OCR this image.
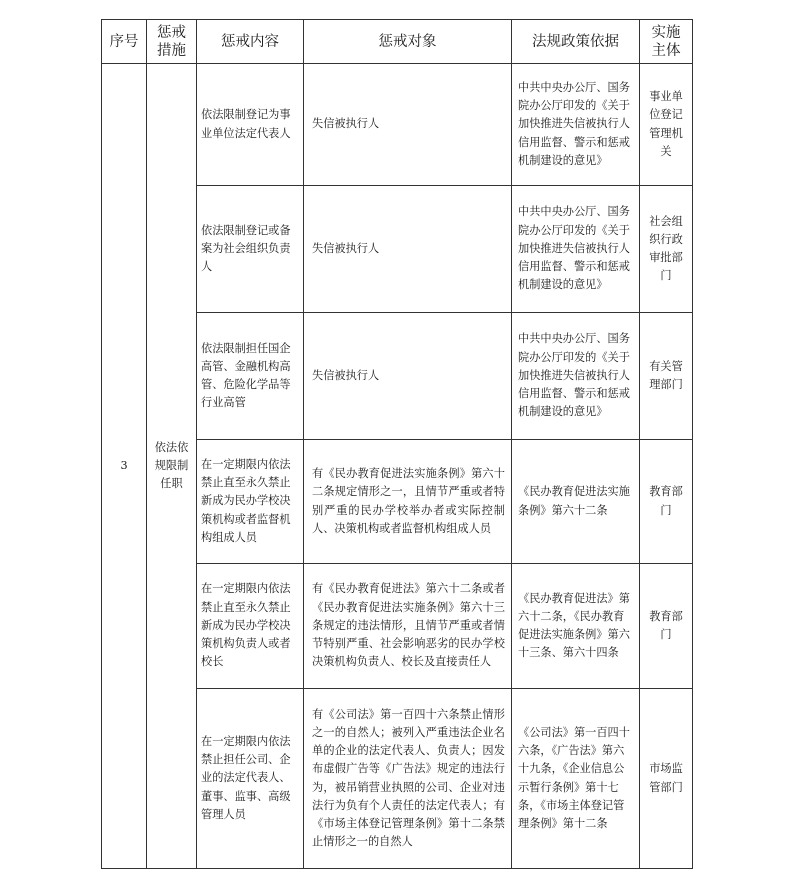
序号	惩戒措施	惩戒内容	惩戒对象	法规政策依据	实施主体
3	依法依规限制任职	依法限制登记为事业单位法定代表人	失信被执行人	中共中央办公厅、国务院办公厅印发的《关于加快推进失信被执行人信用监督、警示和惩戒机制建设的意见》	事业单位登记管理机关
		依法限制登记或备案为社会组织负责人	失信被执行人	中共中央办公厅、国务院办公厅印发的《关于加快推进失信被执行人信用监督、警示和惩戒机制建设的意见》	社会组织行政审批部门
		依法限制担任国企高管、金融机构高管、危险化学品等行业高管	失信被执行人	中共中央办公厅、国务院办公厅印发的《关于加快推进失信被执行人信用监督、警示和惩戒机制建设的意见》	有关管理部门
		在一定期限内依法禁止直至永久禁止新成为民办学校决策机构或者监督机构组成人员	有《民办教育促进法实施条例》第六十二条规定情形之一，且情节严重或者特别严重的民办学校举办者或实际控制人、决策机构或者监督机构组成人员	《民办教育促进法实施条例》第六十二条	教育部门
		在一定期限内依法禁止直至永久禁止新成为民办学校决策机构负责人或者校长	有《民办教育促进法》第六十二条或者《民办教育促进法实施条例》第六十三条规定的违法情形，且情节严重或者情节特别严重、社会影响恶劣的民办学校决策机构负责人、校长及直接责任人	《民办教育促进法》第六十二条，《民办教育促进法实施条例》第六十三条、第六十四条	教育部门
		在一定期限内依法禁止担任公司、企业的法定代表人、董事、监事、高级管理人员	有《公司法》第一百四十六条禁止情形之一的自然人；被列入严重违法企业名单的企业的法定代表人、负责人；因发布虚假广告等《广告法》规定的违法行为，被吊销营业执照的公司、企业对违法行为负有个人责任的法定代表人；有《市场主体登记管理条例》第十二条禁止情形之一的自然人	《公司法》第一百四十六条，《广告法》第六十九条，《企业信息公示暂行条例》第十七条，《市场主体登记管理条例》第十二条	市场监管部门
